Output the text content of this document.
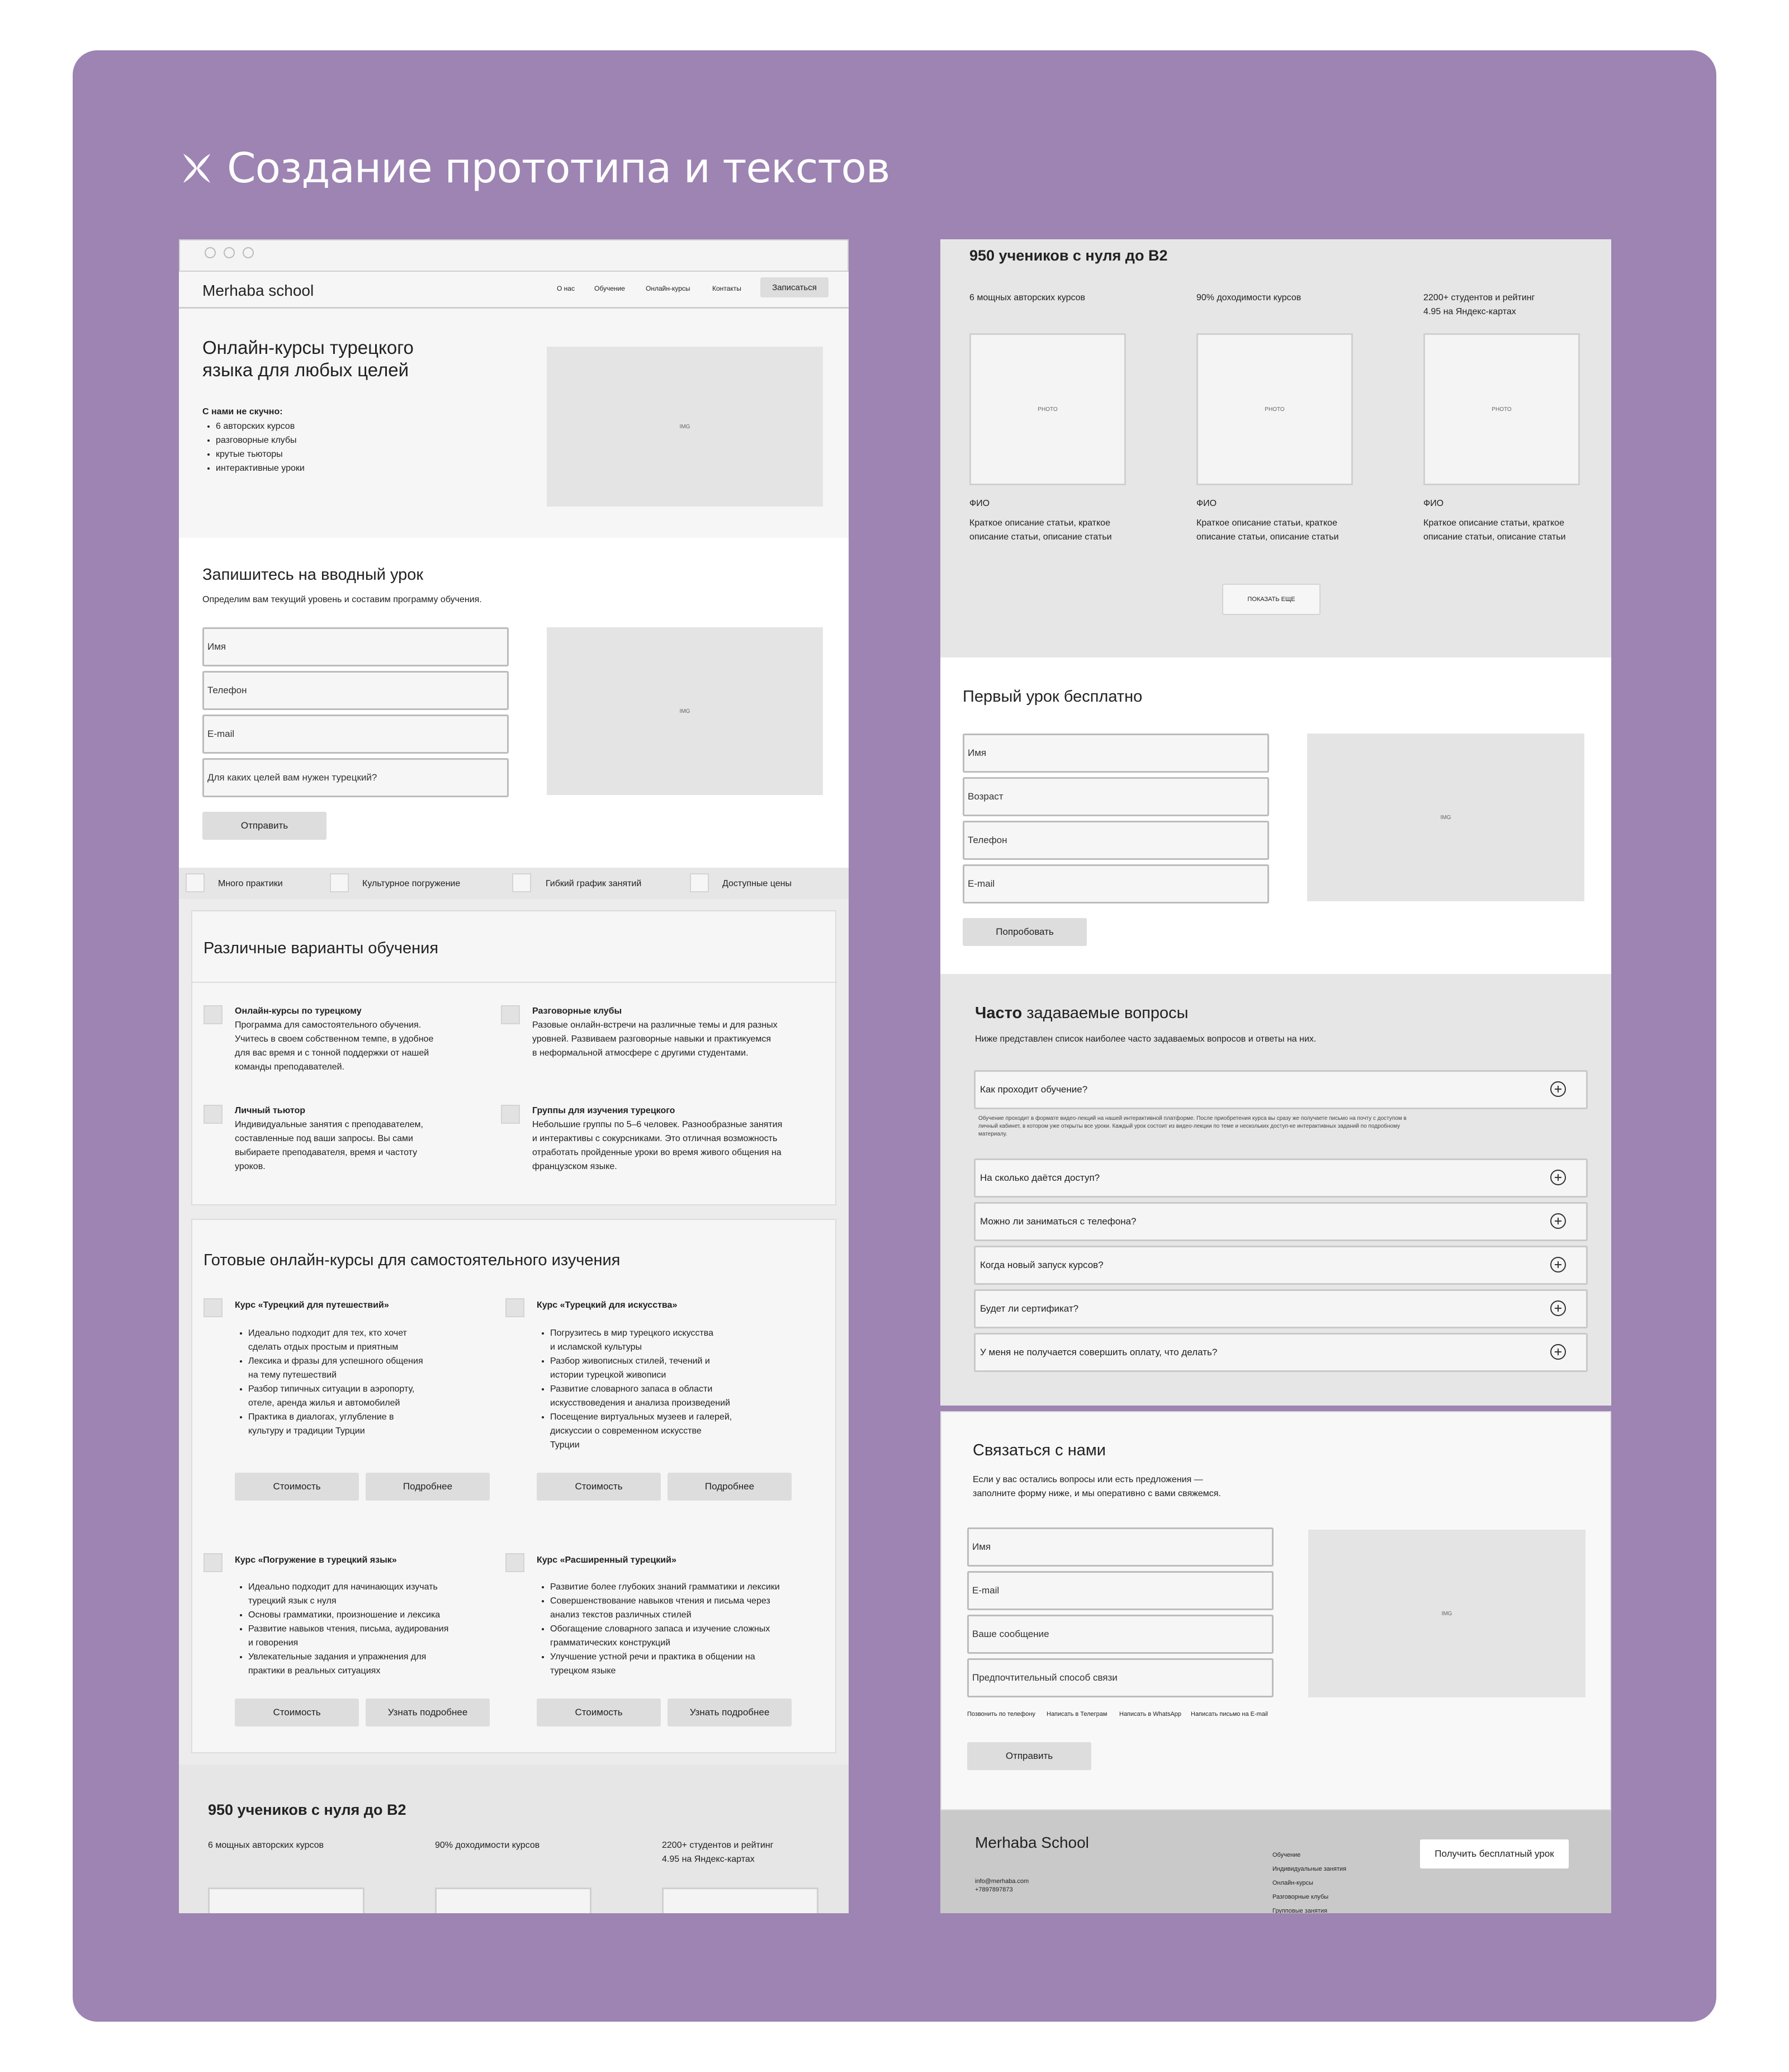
Создание прототипа и текстов
Merhaba school	О нас	Обучение	Онлайн-курсы	Контакты	Записаться
Онлайн-курсы турецкого
языка для любых целей
С нами не скучно:
• 6 авторских курсов
• разговорные клубы
• крутые тьюторы
• интерактивные уроки
IMG
Запишитесь на вводный урок
Определим вам текущий уровень и составим программу обучения.
Имя
Телефон
E-mail
Для каких целей вам нужен турецкий?
Отправить
IMG
Много практики	Культурное погружение	Гибкий график занятий	Доступные цены
Различные варианты обучения
Онлайн-курсы по турецкому
Программа для самостоятельного обучения.
Учитесь в своем собственном темпе, в удобное
для вас время и с тонной поддержки от нашей
команды преподавателей.
Разговорные клубы
Разовые онлайн-встречи на различные темы и для разных
уровней. Развиваем разговорные навыки и практикуемся
в неформальной атмосфере с другими студентами.
Личный тьютор
Индивидуальные занятия с преподавателем,
составленные под ваши запросы. Вы сами
выбираете преподавателя, время и частоту
уроков.
Группы для изучения турецкого
Небольшие группы по 5–6 человек. Разнообразные занятия
и интерактивы с сокурсниками. Это отличная возможность
отработать пройденные уроки во время живого общения на
французском языке.
Готовые онлайн-курсы для самостоятельного изучения
Курс «Турецкий для путешествий»
• Идеально подходит для тех, кто хочет
сделать отдых простым и приятным
• Лексика и фразы для успешного общения
на тему путешествий
• Разбор типичных ситуации в аэропорту,
отеле, аренда жилья и автомобилей
• Практика в диалогах, углубление в
культуру и традиции Турции
Стоимость	Подробнее
Курс «Турецкий для искусства»
• Погрузитесь в мир турецкого искусства
и исламской культуры
• Разбор живописных стилей, течений и
истории турецкой живописи
• Развитие словарного запаса в области
искусствоведения и анализа произведений
• Посещение виртуальных музеев и галерей,
дискуссии о современном искусстве
Турции
Стоимость	Подробнее
Курс «Погружение в турецкий язык»
• Идеально подходит для начинающих изучать
турецкий язык с нуля
• Основы грамматики, произношение и лексика
• Развитие навыков чтения, письма, аудирования
и говорения
• Увлекательные задания и упражнения для
практики в реальных ситуациях
Стоимость	Узнать подробнее
Курс «Расширенный турецкий»
• Развитие более глубоких знаний грамматики и лексики
• Совершенствование навыков чтения и письма через
анализ текстов различных стилей
• Обогащение словарного запаса и изучение сложных
грамматических конструкций
• Улучшение устной речи и практика в общении на
турецком языке
Стоимость	Узнать подробнее
950 учеников с нуля до B2
6 мощных авторских курсов	90% доходимости курсов	2200+ студентов и рейтинг
4.95 на Яндекс-картах
950 учеников с нуля до B2
6 мощных авторских курсов	90% доходимости курсов	2200+ студентов и рейтинг
4.95 на Яндекс-картах
PHOTO	PHOTO	PHOTO
ФИО
Краткое описание статьи, краткое
описание статьи, описание статьи
ФИО
Краткое описание статьи, краткое
описание статьи, описание статьи
ФИО
Краткое описание статьи, краткое
описание статьи, описание статьи
ПОКАЗАТЬ ЕЩЕ
Первый урок бесплатно
Имя
Возраст
Телефон
E-mail
Попробовать
IMG
Часто задаваемые вопросы
Ниже представлен список наиболее часто задаваемых вопросов и ответы на них.
Как проходит обучение?
Обучение проходит в формате видео-лекций на нашей интерактивной платформе. После приобретения курса вы сразу же получаете письмо на почту с доступом в
личный кабинет, в котором уже открыты все уроки. Каждый урок состоит из видео-лекции по теме и нескольких доступ-ке интерактивных заданий по подробному
материалу.
На сколько даётся доступ?
Можно ли заниматься с телефона?
Когда новый запуск курсов?
Будет ли сертификат?
У меня не получается совершить оплату, что делать?
Связаться с нами
Если у вас остались вопросы или есть предложения —
заполните форму ниже, и мы оперативно с вами свяжемся.
Имя
E-mail
Ваше сообщение
Предпочтительный способ связи
Позвонить по телефону Написать в Телеграм Написать в WhatsApp Написать письмо на E-mail
Отправить
IMG
Merhaba School
info@merhaba.com
+7897897873
Обучение
Индивидуальные занятия
Онлайн-курсы
Разговорные клубы
Групповые занятия
Получить бесплатный урок
